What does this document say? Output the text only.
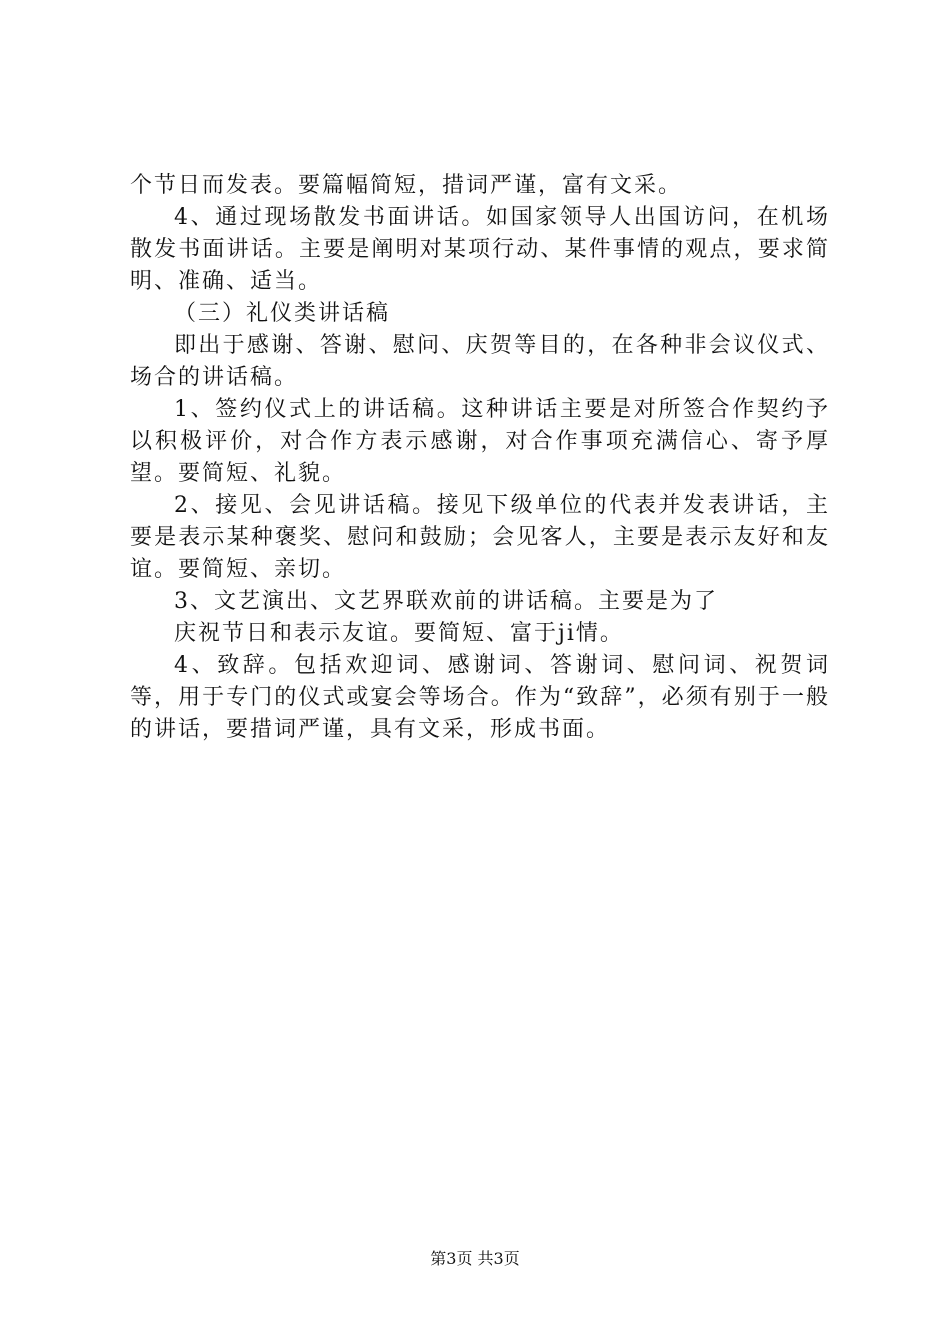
个节日而发表。要篇幅简短，措词严谨，富有文采。

4、通过现场散发书面讲话。如国家领导人出国访问，在机场散发书面讲话。主要是阐明对某项行动、某件事情的观点，要求简明、准确、适当。

（三）礼仪类讲话稿

即出于感谢、答谢、慰问、庆贺等目的，在各种非会议仪式、场合的讲话稿。

1、签约仪式上的讲话稿。这种讲话主要是对所签合作契约予以积极评价，对合作方表示感谢，对合作事项充满信心、寄予厚望。要简短、礼貌。

2、接见、会见讲话稿。接见下级单位的代表并发表讲话，主要是表示某种褒奖、慰问和鼓励；会见客人，主要是表示友好和友谊。要简短、亲切。

3、文艺演出、文艺界联欢前的讲话稿。主要是为了

庆祝节日和表示友谊。要简短、富于ji情。

4、致辞。包括欢迎词、感谢词、答谢词、慰问词、祝贺词等，用于专门的仪式或宴会等场合。作为“致辞”，必须有别于一般的讲话，要措词严谨，具有文采，形成书面。

第3页 共3页
